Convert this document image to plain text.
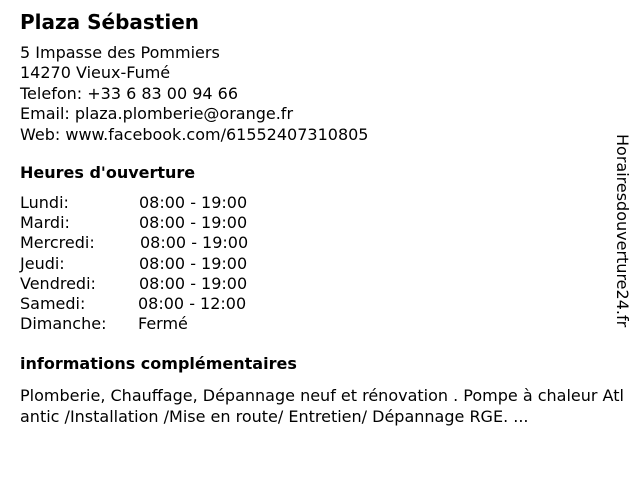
Plaza Sébastien
5 Impasse des Pommiers
14270 Vieux-Fumé
Telefon: +33 6 83 00 94 66
Email: plaza.plomberie@orange.fr
Web: www.facebook.com/61552407310805
Heures d'ouverture
Lundi:	08:00 - 19:00
Mardi:	08:00 - 19:00
Mercredi:	08:00 - 19:00
Jeudi:	08:00 - 19:00
Vendredi:	08:00 - 19:00
Samedi:	08:00 - 12:00
Dimanche: Fermé
informations complémentaires
Plomberie, Chauffage, Dépannage neuf et rénovation . Pompe à chaleur Atlantic /Installation /Mise en route/ Entretien/ Dépannage RGE. ...
Horairesdouverture24.fr
